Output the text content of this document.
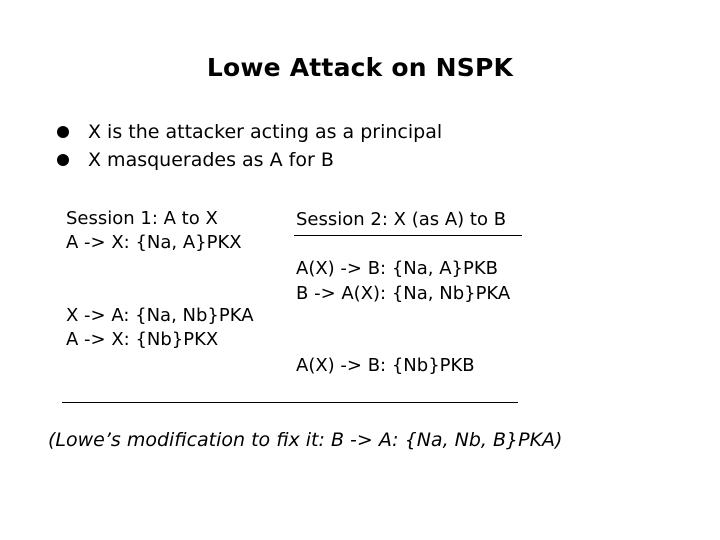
Lowe Attack on NSPK
X is the attacker acting as a principal
X masquerades as A for B
Session 1: A to X
A -> X: {Na, A}PKX
X -> A: {Na, Nb}PKA
A -> X: {Nb}PKX
Session 2: X (as A) to B
A(X) -> B: {Na, A}PKB
B -> A(X): {Na, Nb}PKA
A(X) -> B: {Nb}PKB
(Lowe’s modification to fix it: B -> A: {Na, Nb, B}PKA)
